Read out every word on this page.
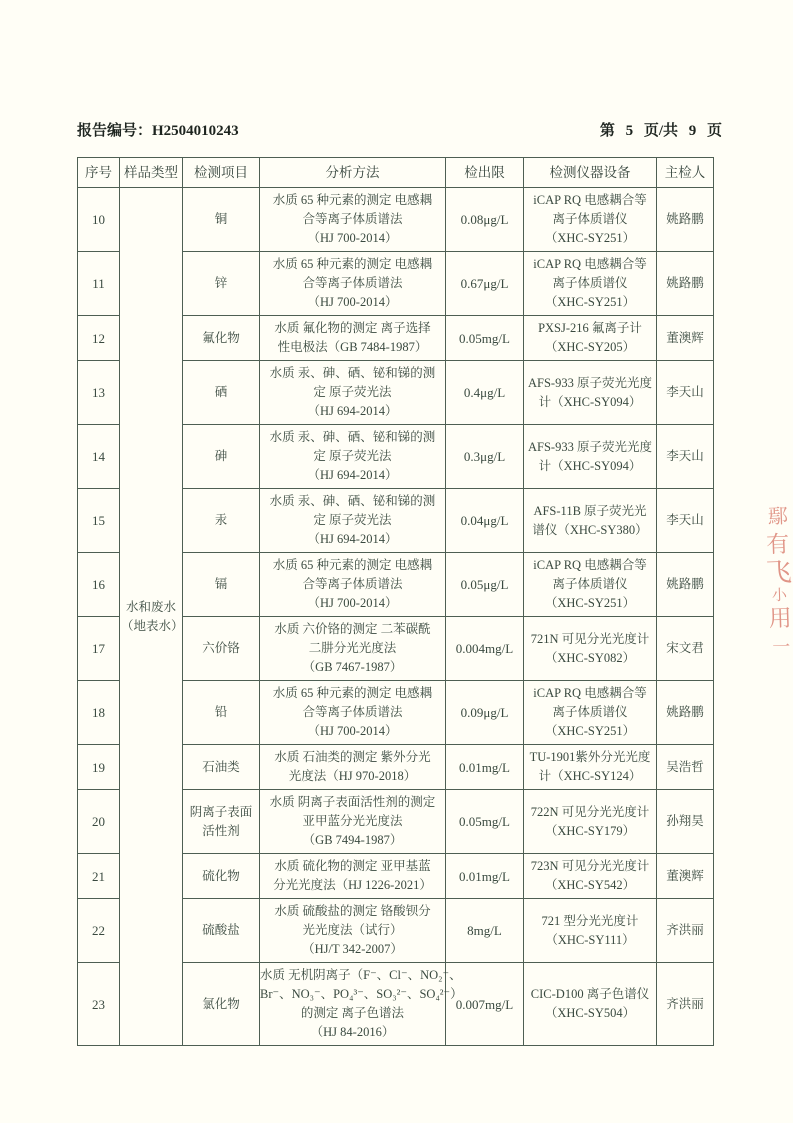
报告编号：H2504010243	第 5 页/共 9 页
序号	样品类型	检测项目	分析方法	检出限	检测仪器设备	主检人
10	
水和废水
（地表水）

铜

水质 65 种元素的测定 电感耦
合等离子体质谱法
（HJ 700-2014）
	0.08μg/L	
iCAP RQ 电感耦合等
离子体质谱仪
（XHC-SY251）
	姚路鹏
11	锌

水质 65 种元素的测定 电感耦
合等离子体质谱法
（HJ 700-2014）
	0.67μg/L	
iCAP RQ 电感耦合等
离子体质谱仪
（XHC-SY251）
	姚路鹏
12	氟化物

水质 氟化物的测定 离子选择
性电极法（GB 7484-1987）
	0.05mg/L	
PXSJ-216 氟离子计
（XHC-SY205）
	董澳辉
13	硒

水质 汞、砷、硒、铋和锑的测
定 原子荧光法
（HJ 694-2014）
	0.4μg/L	
AFS-933 原子荧光光度
计（XHC-SY094）
	李天山
14	砷

水质 汞、砷、硒、铋和锑的测
定 原子荧光法
（HJ 694-2014）
	0.3μg/L	
AFS-933 原子荧光光度
计（XHC-SY094）
	李天山
15	汞

水质 汞、砷、硒、铋和锑的测
定 原子荧光法
（HJ 694-2014）
	0.04μg/L	
AFS-11B 原子荧光光
谱仪（XHC-SY380）
	李天山
16	镉

水质 65 种元素的测定 电感耦
合等离子体质谱法
（HJ 700-2014）
	0.05μg/L	
iCAP RQ 电感耦合等
离子体质谱仪
（XHC-SY251）
	姚路鹏
17	六价铬

水质 六价铬的测定 二苯碳酰
二肼分光光度法
（GB 7467-1987）
	0.004mg/L	
721N 可见分光光度计
（XHC-SY082）
	宋文君
18	铅

水质 65 种元素的测定 电感耦
合等离子体质谱法
（HJ 700-2014）
	0.09μg/L	
iCAP RQ 电感耦合等
离子体质谱仪
（XHC-SY251）
	姚路鹏
19	石油类

水质 石油类的测定 紫外分光
光度法（HJ 970-2018）
	0.01mg/L	
TU-1901紫外分光光度
计（XHC-SY124）
	吴浩哲
20	
阴离子表面
活性剂

水质 阴离子表面活性剂的测定
亚甲蓝分光光度法
（GB 7494-1987）
	0.05mg/L	
722N 可见分光光度计
（XHC-SY179）
	孙翔昊
21	硫化物

水质 硫化物的测定 亚甲基蓝
分光光度法（HJ 1226-2021）
	0.01mg/L	
723N 可见分光光度计
（XHC-SY542）
	董澳辉
22	硫酸盐

水质 硫酸盐的测定 铬酸钡分
光光度法（试行）
（HJ/T 342-2007）
	8mg/L	
721 型分光光度计
（XHC-SY111）
	齐洪丽
23	氯化物

水质 无机阴离子（F⁻、Cl⁻、NO₂⁻、
Br⁻、NO₃⁻、PO₄³⁻、SO₃²⁻、SO₄²⁻）
的测定 离子色谱法
（HJ 84-2016）
	0.007mg/L	
CIC-D100 离子色谱仪
（XHC-SY504）
	齐洪丽
鄢
有
飞
小
用
一
